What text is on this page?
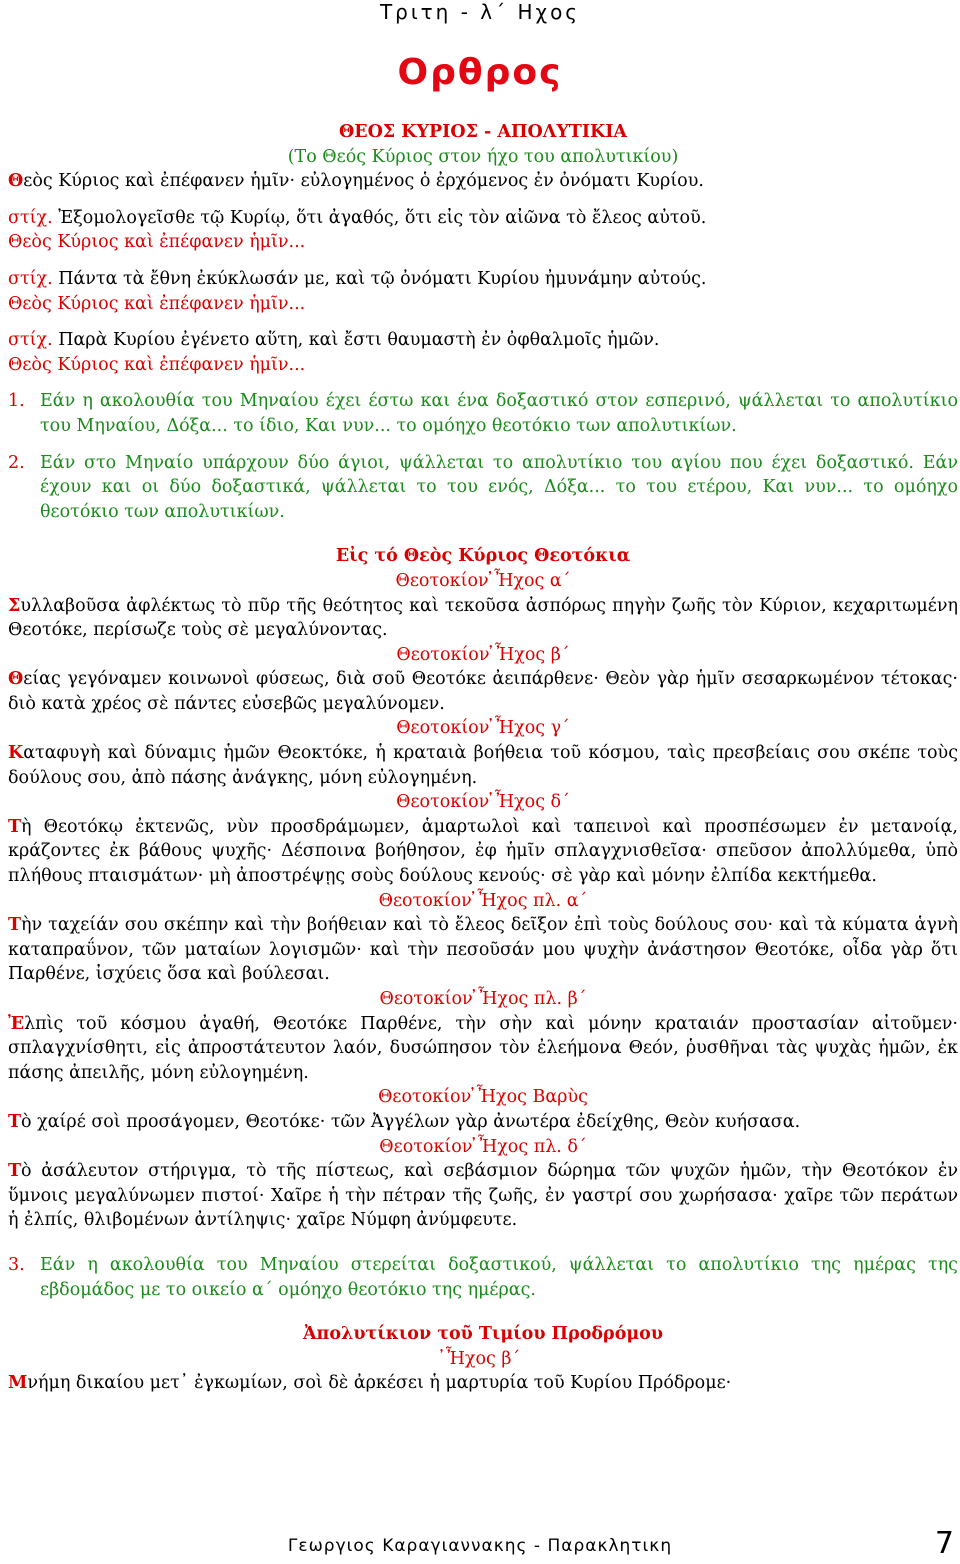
Τριτη - λ΄ Ηχος
Ορθρος

ΘΕΟΣ ΚΥΡΙΟΣ - ΑΠΟΛΥΤΙΚΙΑ

(Το Θεός Κύριος στον ήχο του απολυτικίου)

Θεὸς Κύριος καὶ ἐπέφανεν ἡμῖν· εὐλογημένος ὁ ἐρχόμενος ἐν ὀνόματι Κυρίου.

στίχ. Ἐξομολογεῖσθε τῷ Κυρίῳ, ὅτι ἀγαθός, ὅτι εἰς τὸν αἰῶνα τὸ ἔλεος αὐτοῦ.

Θεὸς Κύριος καὶ ἐπέφανεν ἡμῖν...

στίχ. Πάντα τὰ ἔθνη ἐκύκλωσάν με, καὶ τῷ ὀνόματι Κυρίου ἠμυνάμην αὐτούς.

Θεὸς Κύριος καὶ ἐπέφανεν ἡμῖν...

στίχ. Παρὰ Κυρίου ἐγένετο αὕτη, καὶ ἔστι θαυμαστὴ ἐν ὀφθαλμοῖς ἡμῶν.

Θεὸς Κύριος καὶ ἐπέφανεν ἡμῖν...

1. Εάν η ακολουθία του Μηναίου έχει έστω και ένα δοξαστικό στον εσπερινό, ψάλλεται το απολυτίκιο του Μηναίου, Δόξα... το ίδιο, Και νυν... το ομόηχο θεοτόκιο των απολυτικίων.
2. Εάν στο Μηναίο υπάρχουν δύο άγιοι, ψάλλεται το απολυτίκιο του αγίου που έχει δοξαστικό. Εάν έχουν και οι δύο δοξαστικά, ψάλλεται το του ενός, Δόξα... το του ετέρου, Και νυν... το ομόηχο θεοτόκιο των απολυτικίων.

Εἰς τό Θεὸς Κύριος Θεοτόκια

Θεοτοκίον ̓Ἦχος α΄

Συλλαβοῦσα ἀφλέκτως τὸ πῦρ τῆς θεότητος καὶ τεκοῦσα ἀσπόρως πηγὴν ζωῆς τὸν Κύριον, κεχαριτωμένη Θεοτόκε, περίσωζε τοὺς σὲ μεγαλύνοντας.

Θεοτοκίον ̓Ἦχος β΄

Θείας γεγόναμεν κοινωνοὶ φύσεως, διὰ σοῦ Θεοτόκε ἀειπάρθενε· Θεὸν γὰρ ἡμῖν σεσαρκωμένον τέτοκας· διὸ κατὰ χρέος σὲ πάντες εὐσεβῶς μεγαλύνομεν.

Θεοτοκίον ̓Ἦχος γ΄

Καταφυγὴ καὶ δύναμις ἡμῶν Θεοκτόκε, ἡ κραταιὰ βοήθεια τοῦ κόσμου, ταὶς πρεσβείαις σου σκέπε τοὺς δούλους σου, ἀπὸ πάσης ἀνάγκης, μόνη εὐλογημένη.

Θεοτοκίον ̓Ἦχος δ΄

Τὴ Θεοτόκῳ ἐκτενῶς, νὺν προσδράμωμεν, ἁμαρτωλοὶ καὶ ταπεινοὶ καὶ προσπέσωμεν ἐν μετανοίᾳ, κράζοντες ἐκ βάθους ψυχῆς· Δέσποινα βοήθησον, ἐφ ἡμῖν σπλαγχνισθεῖσα· σπεῦσον ἀπολλύμεθα, ὑπὸ πλήθους πταισμάτων· μὴ ἀποστρέψῃς σοὺς δούλους κενούς· σὲ γὰρ καὶ μόνην ἐλπίδα κεκτήμεθα.

Θεοτοκίον ̓Ἦχος πλ. α΄

Τὴν ταχείάν σου σκέπην καὶ τὴν βοήθειαν καὶ τὸ ἔλεος δεῖξον ἐπὶ τοὺς δούλους σου· καὶ τὰ κύματα ἁγνὴ καταπραΰνον, τῶν ματαίων λογισμῶν· καὶ τὴν πεσοῦσάν μου ψυχὴν ἀνάστησον Θεοτόκε, οἶδα γὰρ ὅτι Παρθένε, ἰσχύεις ὅσα καὶ βούλεσαι.

Θεοτοκίον ̓Ἦχος πλ. β΄

Ἐλπὶς τοῦ κόσμου ἀγαθή, Θεοτόκε Παρθένε, τὴν σὴν καὶ μόνην κραταιάν προστασίαν αἰτοῦμεν· σπλαγχνίσθητι, εἰς ἀπροστάτευτον λαόν, δυσώπησον τὸν ἐλεήμονα Θεόν, ῥυσθῆναι τὰς ψυχὰς ἡμῶν, ἐκ πάσης ἀπειλῆς, μόνη εὐλογημένη.

Θεοτοκίον ̓Ἦχος Βαρὺς

Τὸ χαίρέ σοὶ προσάγομεν, Θεοτόκε· τῶν Ἀγγέλων γὰρ ἀνωτέρα ἐδείχθης, Θεὸν κυήσασα.

Θεοτοκίον ̓Ἦχος πλ. δ΄

Τὸ ἀσάλευτον στήριγμα, τὸ τῆς πίστεως, καὶ σεβάσμιον δώρημα τῶν ψυχῶν ἡμῶν, τὴν Θεοτόκον ἐν ὕμνοις μεγαλύνωμεν πιστοί· Χαῖρε ἡ τὴν πέτραν τῆς ζωῆς, ἐν γαστρί σου χωρήσασα· χαῖρε τῶν περάτων ἡ ἐλπίς, θλιβομένων ἀντίληψις· χαῖρε Νύμφη ἀνύμφευτε.

3. Εάν η ακολουθία του Μηναίου στερείται δοξαστικού, ψάλλεται το απολυτίκιο της ημέρας της εβδομάδος με το οικείο α΄ ομόηχο θεοτόκιο της ημέρας.

Ἀπολυτίκιον τοῦ Τιμίου Προδρόμου

̓Ἦχος β΄

Μνήμη δικαίου μετ᾽ ἐγκωμίων, σοὶ δὲ ἀρκέσει ἡ μαρτυρία τοῦ Κυρίου Πρόδρομε·

Γεωργιος Καραγιαννακης - Παρακλητικη	7
